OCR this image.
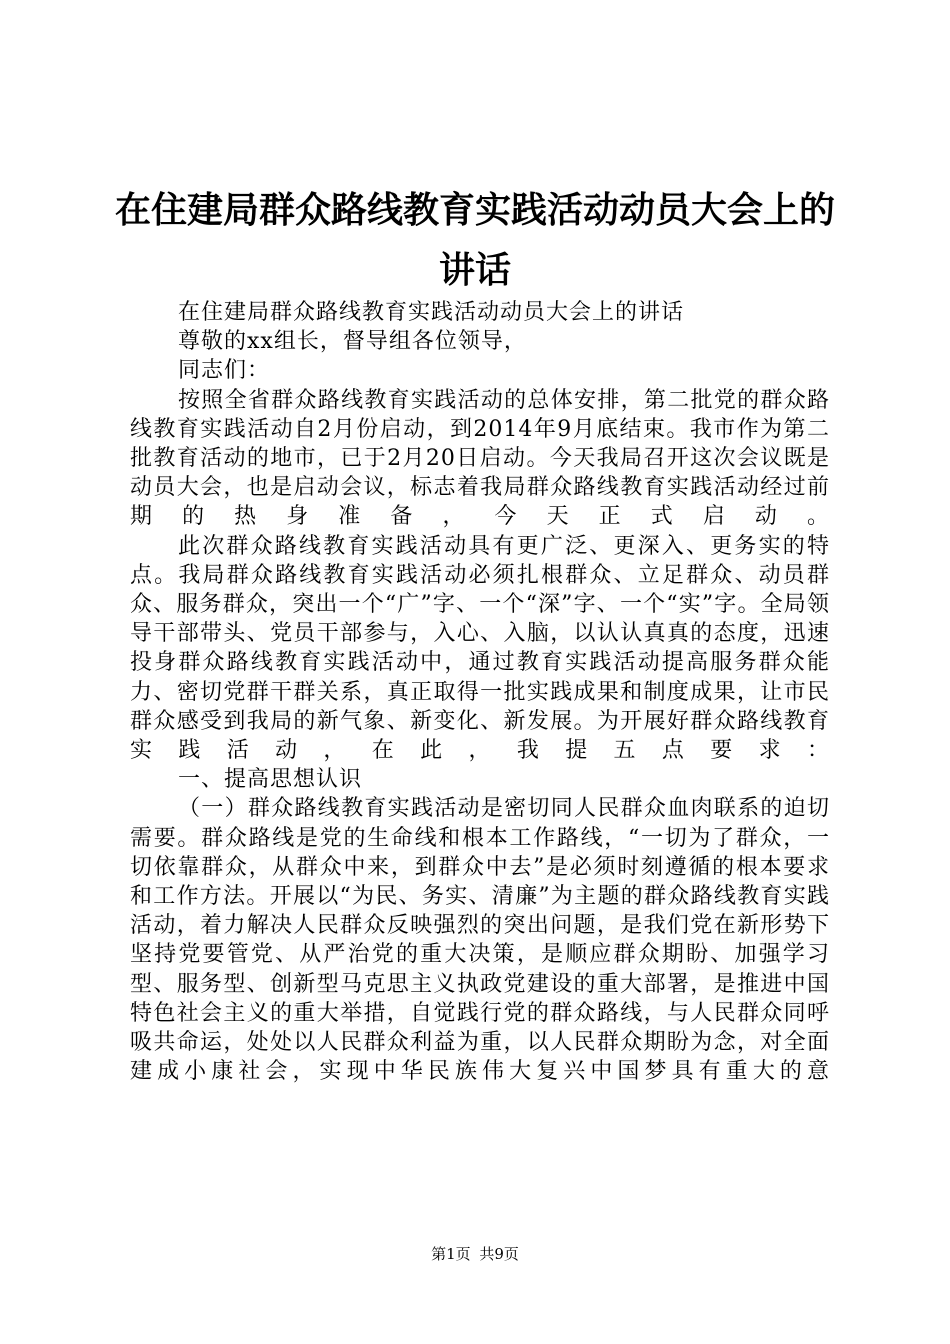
在住建局群众路线教育实践活动动员大会上的
讲话

在住建局群众路线教育实践活动动员大会上的讲话

尊敬的xx组长，督导组各位领导，

同志们：

按照全省群众路线教育实践活动的总体安排，第二批党的群众路线教育实践活动自2月份启动，到2014年9月底结束。我市作为第二批教育活动的地市，已于2月20日启动。今天我局召开这次会议既是动员大会，也是启动会议，标志着我局群众路线教育实践活动经过前期的热身准备，今天正式启动。

此次群众路线教育实践活动具有更广泛、更深入、更务实的特点。我局群众路线教育实践活动必须扎根群众、立足群众、动员群众、服务群众，突出一个“广”字、一个“深”字、一个“实”字。全局领导干部带头、党员干部参与，入心、入脑，以认认真真的态度，迅速投身群众路线教育实践活动中，通过教育实践活动提高服务群众能力、密切党群干群关系，真正取得一批实践成果和制度成果，让市民群众感受到我局的新气象、新变化、新发展。为开展好群众路线教育实践活动，在此，我提五点要求：

一、提高思想认识

（一）群众路线教育实践活动是密切同人民群众血肉联系的迫切需要。群众路线是党的生命线和根本工作路线，“一切为了群众，一切依靠群众，从群众中来，到群众中去”是必须时刻遵循的根本要求和工作方法。开展以“为民、务实、清廉”为主题的群众路线教育实践活动，着力解决人民群众反映强烈的突出问题，是我们党在新形势下坚持党要管党、从严治党的重大决策，是顺应群众期盼、加强学习型、服务型、创新型马克思主义执政党建设的重大部署，是推进中国特色社会主义的重大举措，自觉践行党的群众路线，与人民群众同呼吸共命运，处处以人民群众利益为重，以人民群众期盼为念，对全面建成小康社会，实现中华民族伟大复兴中国梦具有重大的意

第1页 共9页
